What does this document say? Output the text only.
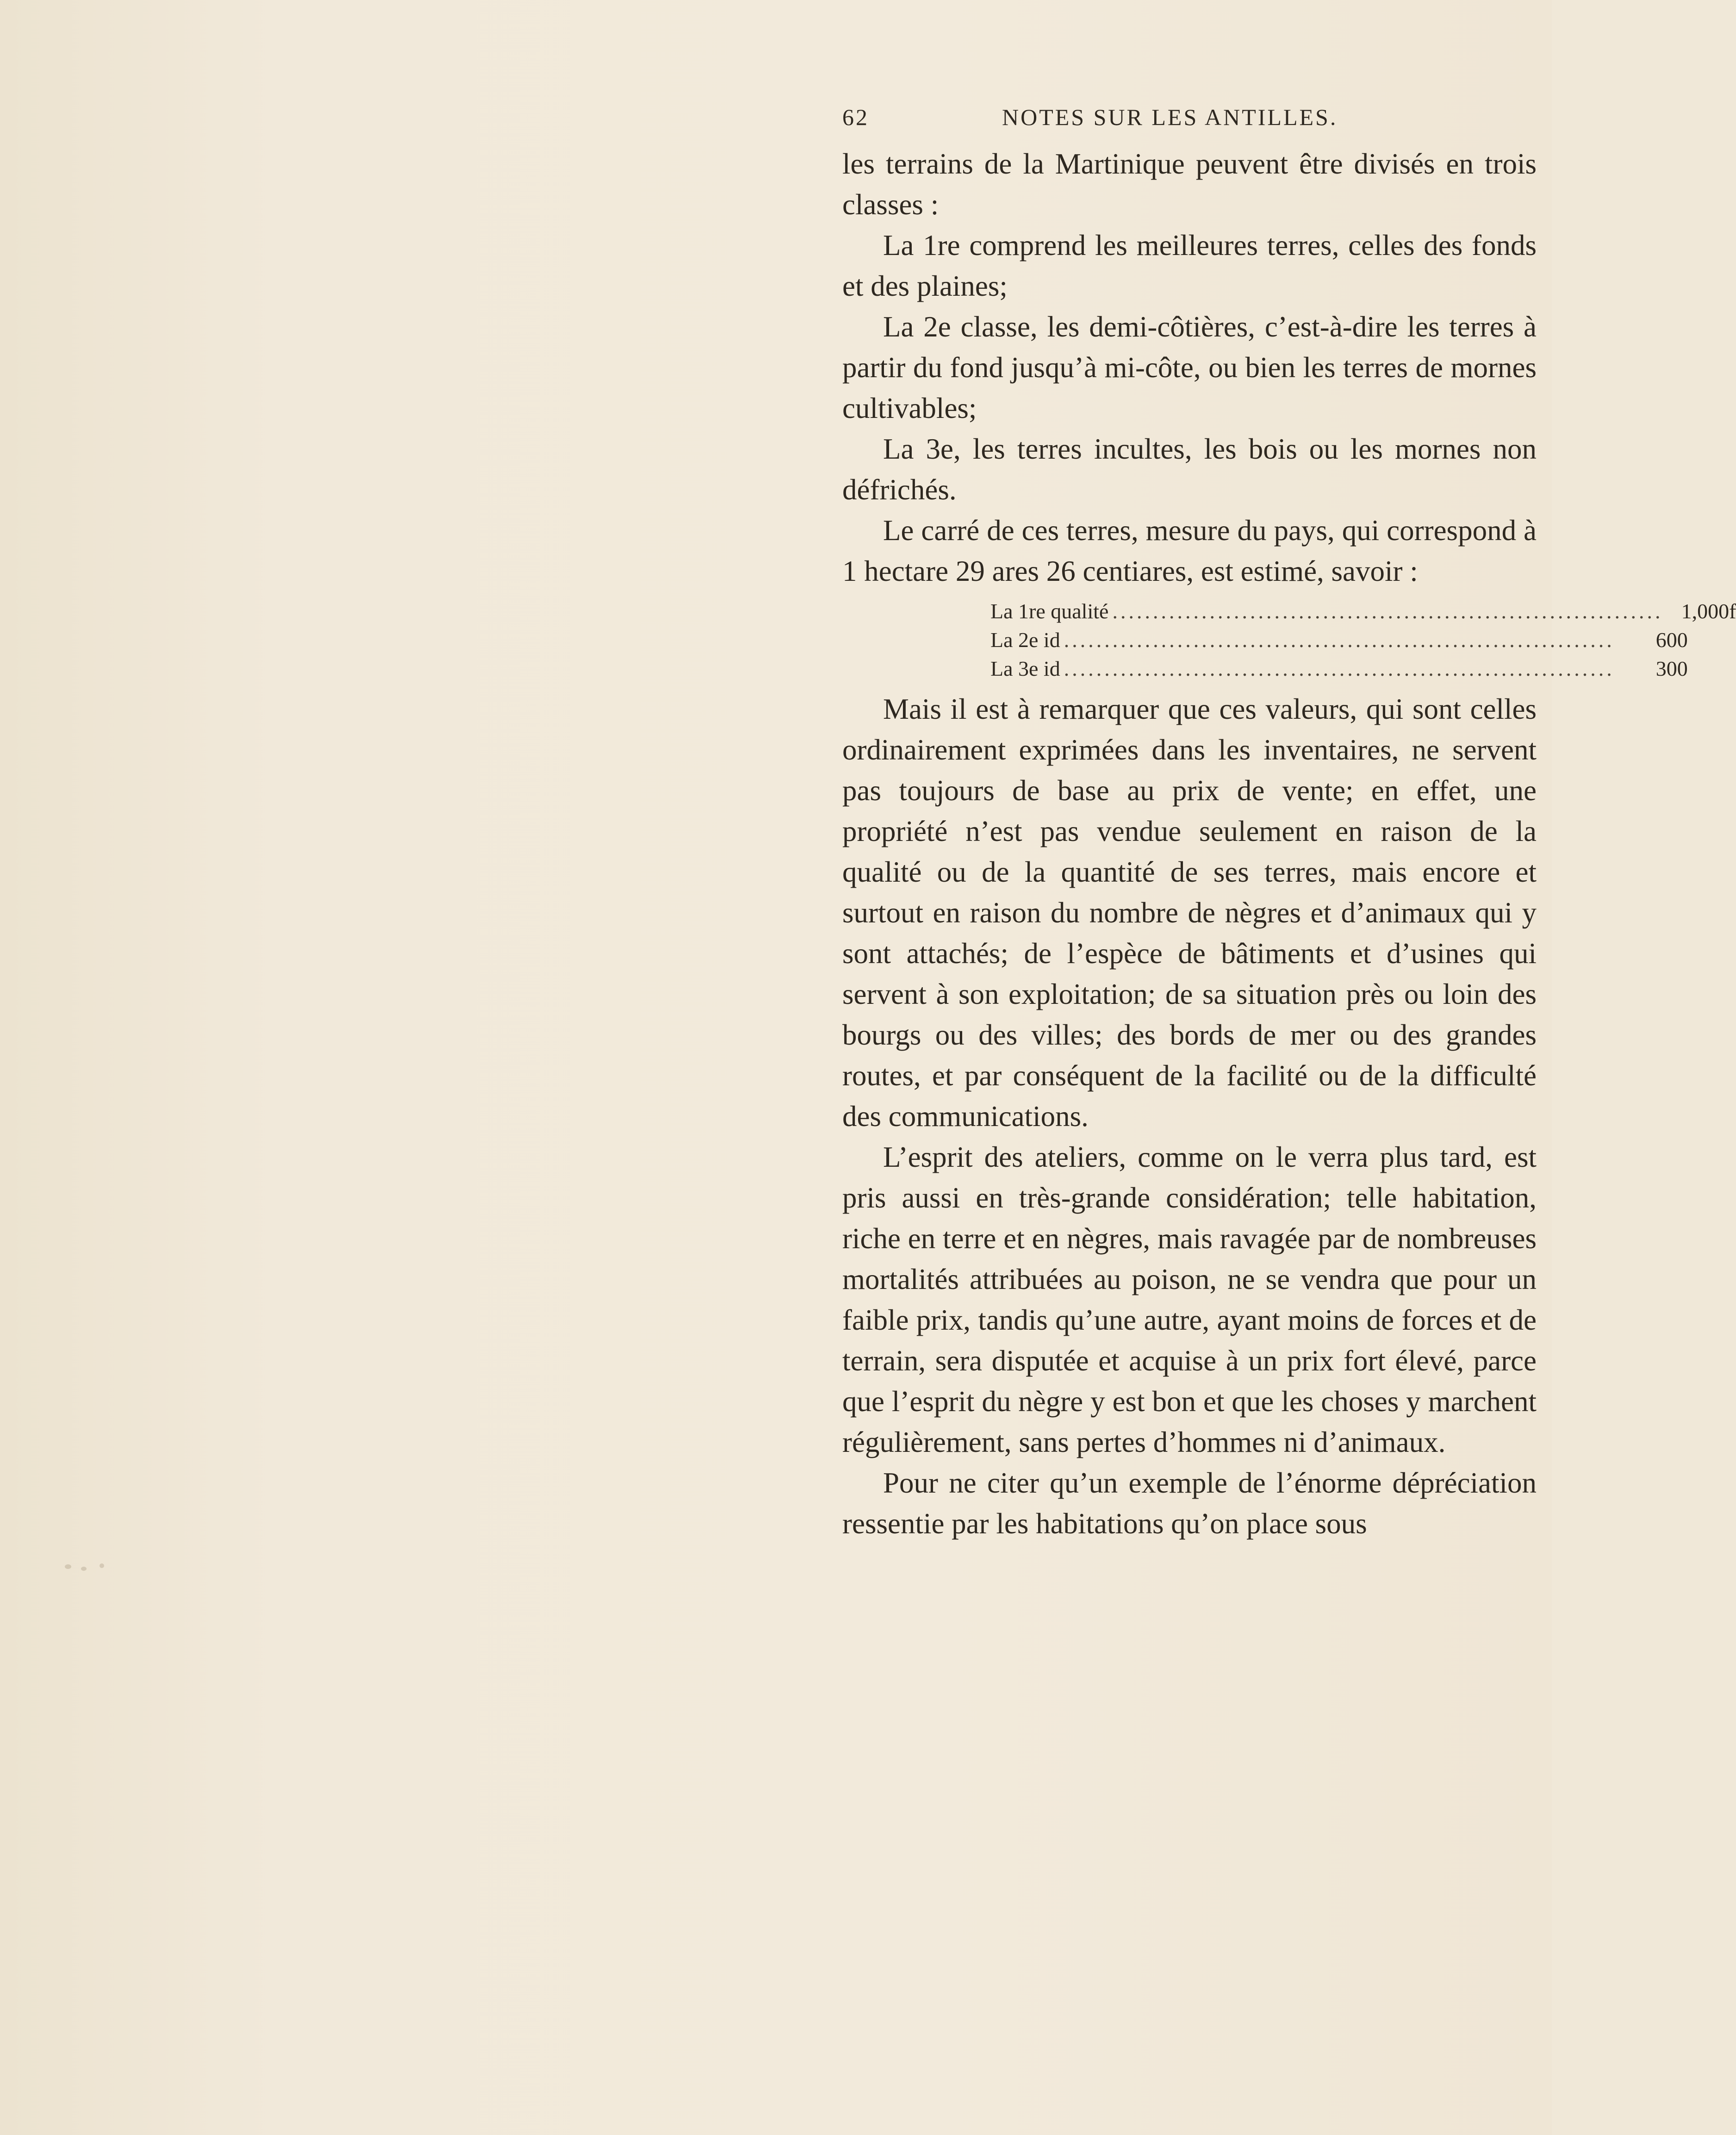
62	NOTES SUR LES ANTILLES.

les terrains de la Martinique peuvent être divisés en trois classes :

La 1re comprend les meilleures terres, celles des fonds et des plaines;

La 2e classe, les demi-côtières, c’est-à-dire les terres à partir du fond jusqu’à mi-côte, ou bien les terres de mornes cultivables;

La 3e, les terres incultes, les bois ou les mornes non défrichés.

Le carré de ces terres, mesure du pays, qui correspond à 1 hectare 29 ares 26 centiares, est estimé, savoir :

La 1re qualité .................................................................... 1,000f
La 2e id ....................................................................	600
La 3e id ....................................................................	300

Mais il est à remarquer que ces valeurs, qui sont celles ordinairement exprimées dans les inventaires, ne servent pas toujours de base au prix de vente; en effet, une propriété n’est pas vendue seulement en raison de la qualité ou de la quantité de ses terres, mais encore et surtout en raison du nombre de nègres et d’animaux qui y sont attachés; de l’espèce de bâtiments et d’usines qui servent à son exploitation; de sa situation près ou loin des bourgs ou des villes; des bords de mer ou des grandes routes, et par conséquent de la facilité ou de la difficulté des communications.

L’esprit des ateliers, comme on le verra plus tard, est pris aussi en très-grande considération; telle habitation, riche en terre et en nègres, mais ravagée par de nombreuses mortalités attribuées au poison, ne se vendra que pour un faible prix, tandis qu’une autre, ayant moins de forces et de terrain, sera disputée et acquise à un prix fort élevé, parce que l’esprit du nègre y est bon et que les choses y marchent régulièrement, sans pertes d’hommes ni d’animaux.

Pour ne citer qu’un exemple de l’énorme dépréciation ressentie par les habitations qu’on place sous
